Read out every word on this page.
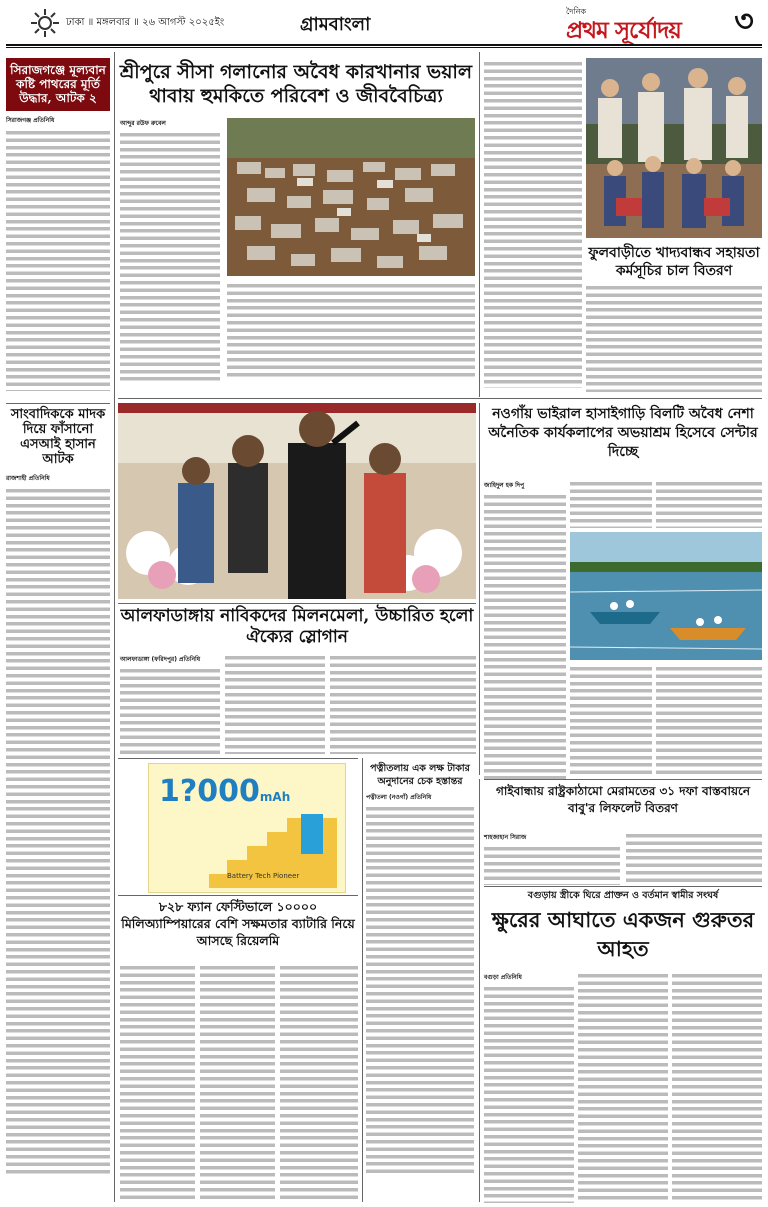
ঢাকা ॥ মঙ্গলবার ॥ ২৬ আগস্ট ২০২৫ইং	গ্রামবাংলা
দৈনিক
প্রথম সূর্যোদয় ৩
সিরাজগঞ্জে মূল্যবান কষ্টি পাথরের মূর্তি উদ্ধার, আটক ২
সিরাজগঞ্জ প্রতিনিধি
সাংবাদিককে মাদক দিয়ে ফাঁসানো এসআই হাসান আটক
রাজশাহী প্রতিনিধি
শ্রীপুরে সীসা গলানোর অবৈধ কারখানার ভয়াল থাবায় হুমকিতে পরিবেশ ও জীববৈচিত্র্য
আব্দুর রউফ রুবেল
ফুলবাড়ীতে খাদ্যবান্ধব সহায়তা কর্মসূচির চাল বিতরণ
আলফাডাঙ্গায় নাবিকদের মিলনমেলা, উচ্চারিত হলো ঐক্যের স্লোগান
নওগাঁয় ভাইরাল হাসাইগাড়ি বিলটি অবৈধ নেশা অনৈতিক কার্যকলাপের অভয়াশ্রম হিসেবে সেন্টার দিচ্ছে
জাহিদুল হক দিপু
আলফাডাঙ্গা (ফরিদপুর) প্রতিনিধি
1?000mAh
Battery Tech Pioneer
৮২৮ ফ্যান ফেস্টিভালে ১০০০০ মিলিঅ্যাম্পিয়ারের বেশি সক্ষমতার ব্যাটারি নিয়ে আসছে রিয়েলমি
পত্নীতলায় এক লক্ষ টাকার অনুদানের চেক হস্তান্তর
পত্নীতলা (নওগাঁ) প্রতিনিধি	গাইবান্ধায় রাষ্ট্রকাঠামো মেরামতের ৩১ দফা বাস্তবায়নে বাবু'র লিফলেট বিতরণ
শাহজাহান সিরাজ
বগুড়ায় স্ত্রীকে ঘিরে প্রাক্তন ও বর্তমান স্বামীর সংঘর্ষ
ক্ষুরের আঘাতে একজন গুরুতর আহত
বগুড়া প্রতিনিধি
